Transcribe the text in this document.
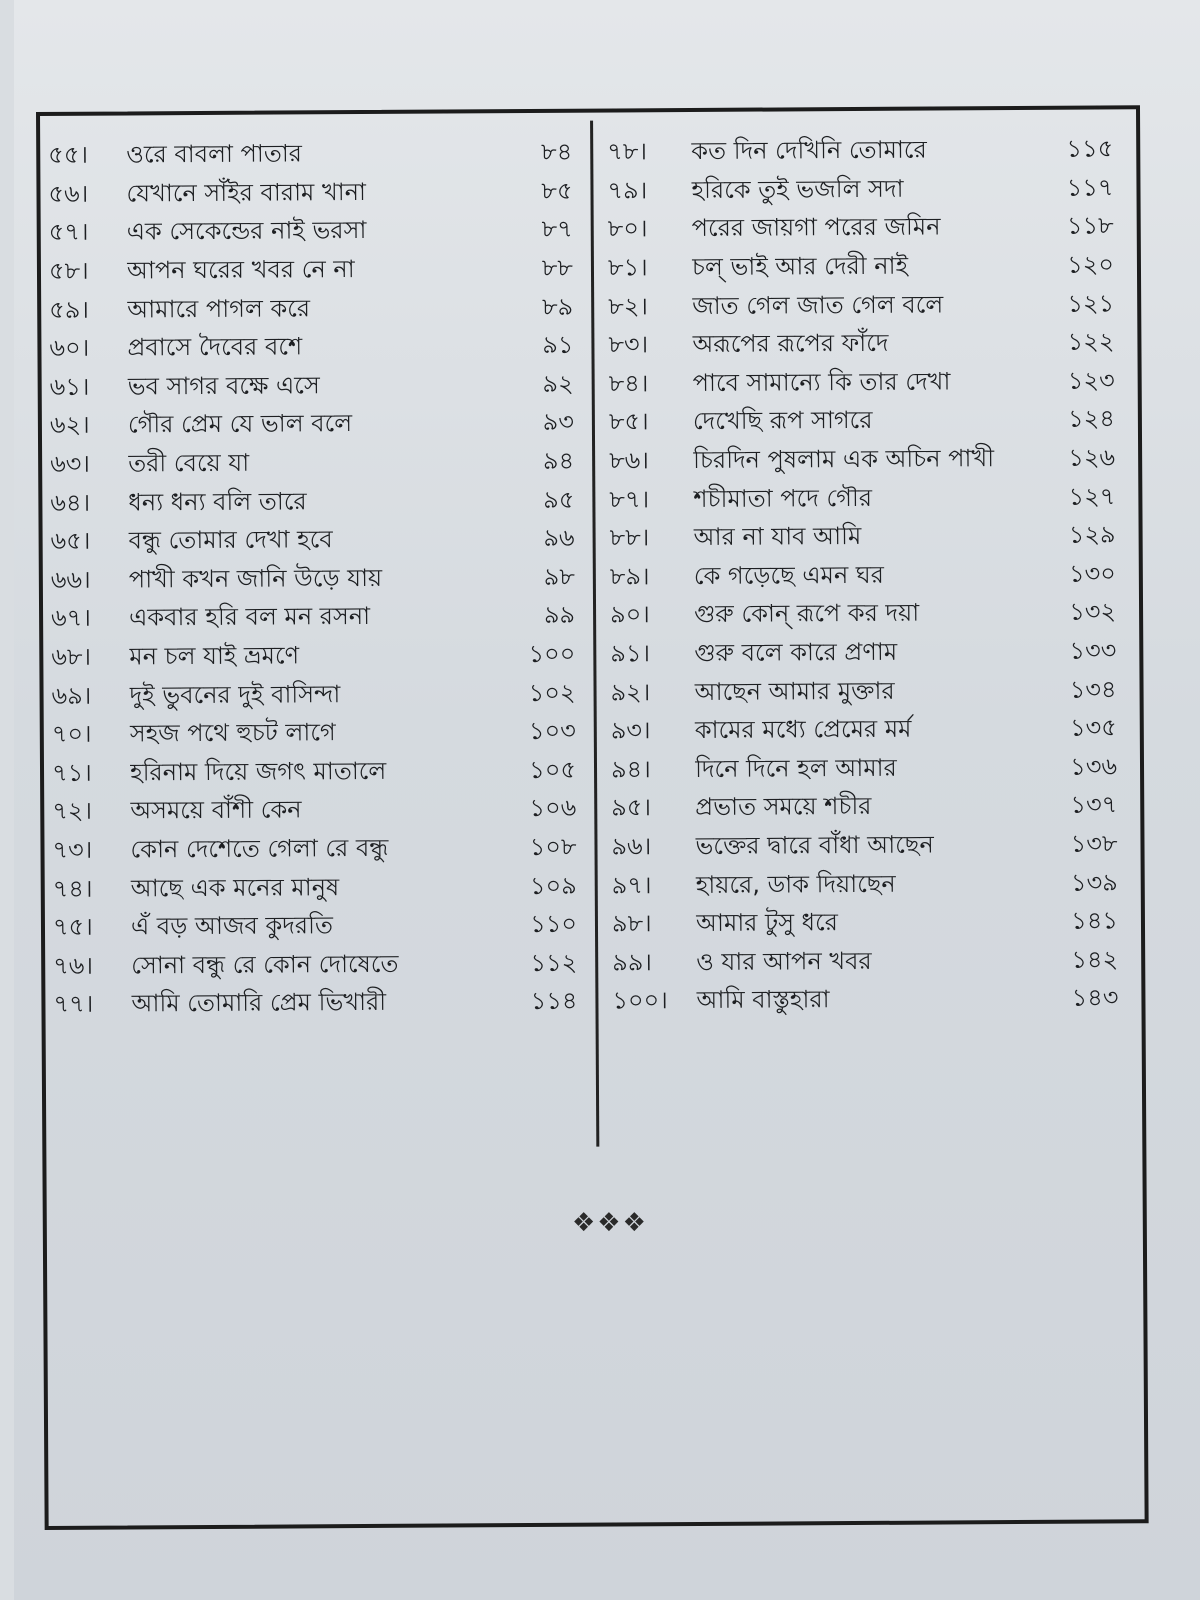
৫৫।	ওরে বাবলা পাতার	৮৪
৫৬।	যেখানে সাঁইর বারাম খানা	৮৫
৫৭।	এক সেকেন্ডের নাই ভরসা	৮৭
৫৮।	আপন ঘরের খবর নে না	৮৮
৫৯।	আমারে পাগল করে	৮৯
৬০।	প্রবাসে দৈবের বশে	৯১
৬১।	ভব সাগর বক্ষে এসে	৯২
৬২।	গৌর প্রেম যে ভাল বলে	৯৩
৬৩।	তরী বেয়ে যা	৯৪
৬৪।	ধন্য ধন্য বলি তারে	৯৫
৬৫।	বন্ধু তোমার দেখা হবে	৯৬
৬৬।	পাখী কখন জানি উড়ে যায়	৯৮
৬৭।	একবার হরি বল মন রসনা	৯৯
৬৮।	মন চল যাই ভ্রমণে	১০০
৬৯।	দুই ভুবনের দুই বাসিন্দা	১০২
৭০।	সহজ পথে হুচট লাগে	১০৩
৭১।	হরিনাম দিয়ে জগৎ মাতালে	১০৫
৭২।	অসময়ে বাঁশী কেন	১০৬
৭৩।	কোন দেশেতে গেলা রে বন্ধু	১০৮
৭৪।	আছে এক মনের মানুষ	১০৯
৭৫।	এঁ বড় আজব কুদরতি	১১০
৭৬।	সোনা বন্ধু রে কোন দোষেতে	১১২
৭৭।	আমি তোমারি প্রেম ভিখারী	১১৪
৭৮।	কত দিন দেখিনি তোমারে	১১৫
৭৯।	হরিকে তুই ভজলি সদা	১১৭
৮০।	পরের জায়গা পরের জমিন	১১৮
৮১।	চল্ ভাই আর দেরী নাই	১২০
৮২।	জাত গেল জাত গেল বলে	১২১
৮৩।	অরূপের রূপের ফাঁদে	১২২
৮৪।	পাবে সামান্যে কি তার দেখা	১২৩
৮৫।	দেখেছি রূপ সাগরে	১২৪
৮৬।	চিরদিন পুষলাম এক অচিন পাখী	১২৬
৮৭।	শচীমাতা পদে গৌর	১২৭
৮৮।	আর না যাব আমি	১২৯
৮৯।	কে গড়েছে এমন ঘর	১৩০
৯০।	গুরু কোন্ রূপে কর দয়া	১৩২
৯১।	গুরু বলে কারে প্রণাম	১৩৩
৯২।	আছেন আমার মুক্তার	১৩৪
৯৩।	কামের মধ্যে প্রেমের মর্ম	১৩৫
৯৪।	দিনে দিনে হল আমার	১৩৬
৯৫।	প্রভাত সময়ে শচীর	১৩৭
৯৬।	ভক্তের দ্বারে বাঁধা আছেন	১৩৮
৯৭।	হায়রে, ডাক দিয়াছেন	১৩৯
৯৮।	আমার টুসু ধরে	১৪১
৯৯।	ও যার আপন খবর	১৪২
১০০।	আমি বাস্তুহারা	১৪৩
❖❖❖
